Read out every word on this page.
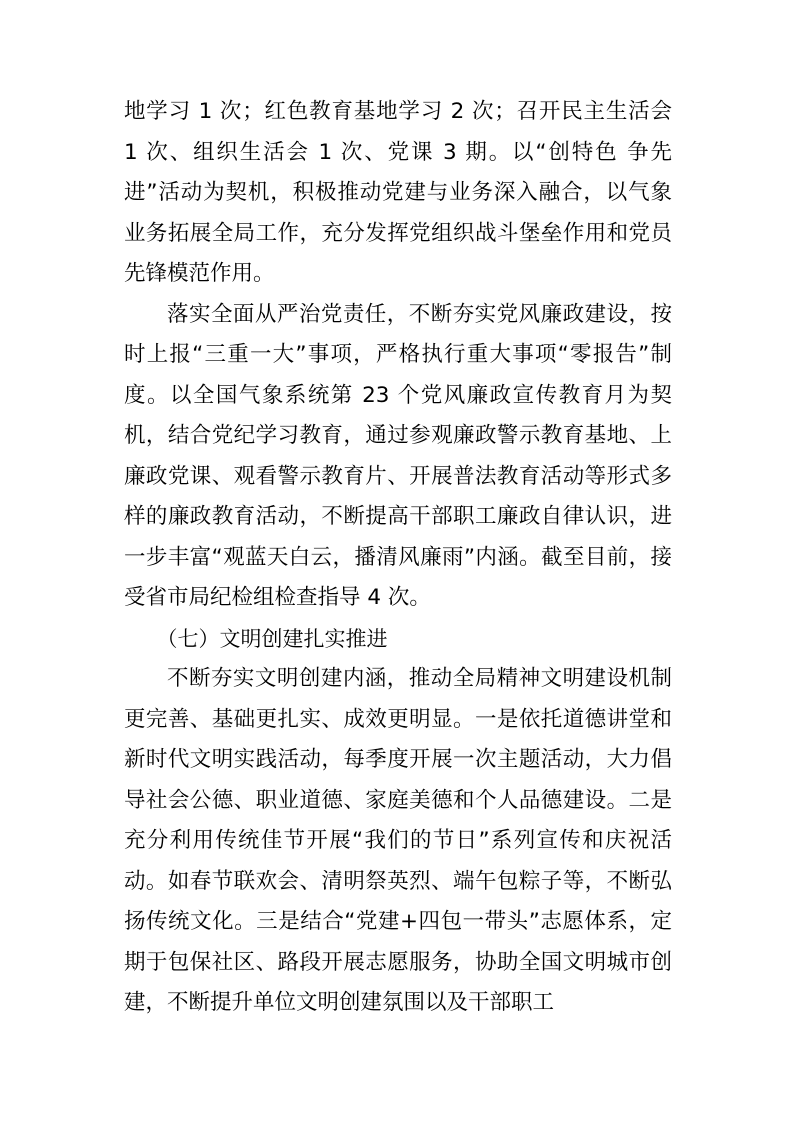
地学习 1 次；红色教育基地学习 2 次；召开民主生活会 1 次、组织生活会 1 次、党课 3 期。以“创特色 争先进”活动为契机，积极推动党建与业务深入融合，以气象业务拓展全局工作，充分发挥党组织战斗堡垒作用和党员先锋模范作用。

落实全面从严治党责任，不断夯实党风廉政建设，按时上报“三重一大”事项，严格执行重大事项“零报告”制度。以全国气象系统第 23 个党风廉政宣传教育月为契机，结合党纪学习教育，通过参观廉政警示教育基地、上廉政党课、观看警示教育片、开展普法教育活动等形式多样的廉政教育活动，不断提高干部职工廉政自律认识，进一步丰富“观蓝天白云，播清风廉雨”内涵。截至目前，接受省市局纪检组检查指导 4 次。

（七）文明创建扎实推进

不断夯实文明创建内涵，推动全局精神文明建设机制更完善、基础更扎实、成效更明显。一是依托道德讲堂和新时代文明实践活动，每季度开展一次主题活动，大力倡导社会公德、职业道德、家庭美德和个人品德建设。二是充分利用传统佳节开展“我们的节日”系列宣传和庆祝活动。如春节联欢会、清明祭英烈、端午包粽子等，不断弘扬传统文化。三是结合“党建+四包一带头”志愿体系，定期于包保社区、路段开展志愿服务，协助全国文明城市创建，不断提升单位文明创建氛围以及干部职工
